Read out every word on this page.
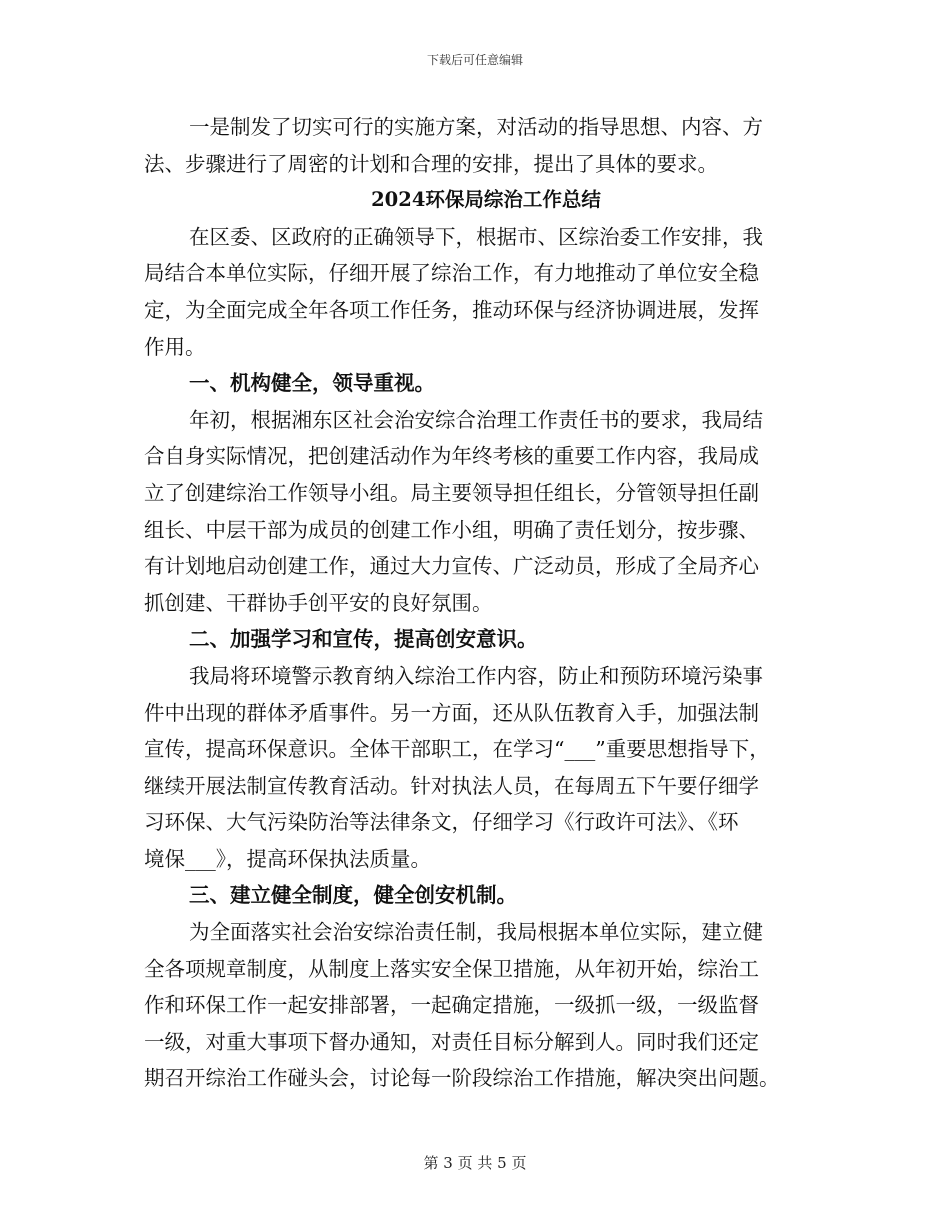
下载后可任意编辑
一是制发了切实可行的实施方案，对活动的指导思想、内容、方
法、步骤进行了周密的计划和合理的安排，提出了具体的要求。
2024环保局综治工作总结
在区委、区政府的正确领导下，根据市、区综治委工作安排，我
局结合本单位实际，仔细开展了综治工作，有力地推动了单位安全稳
定，为全面完成全年各项工作任务，推动环保与经济协调进展，发挥
作用。
一、机构健全，领导重视。
年初，根据湘东区社会治安综合治理工作责任书的要求，我局结
合自身实际情况，把创建活动作为年终考核的重要工作内容，我局成
立了创建综治工作领导小组。局主要领导担任组长，分管领导担任副
组长、中层干部为成员的创建工作小组，明确了责任划分，按步骤、
有计划地启动创建工作，通过大力宣传、广泛动员，形成了全局齐心
抓创建、干群协手创平安的良好氛围。
二、加强学习和宣传，提高创安意识。
我局将环境警示教育纳入综治工作内容，防止和预防环境污染事
件中出现的群体矛盾事件。另一方面，还从队伍教育入手，加强法制
宣传，提高环保意识。全体干部职工，在学习“___”重要思想指导下，
继续开展法制宣传教育活动。针对执法人员，在每周五下午要仔细学
习环保、大气污染防治等法律条文，仔细学习《行政许可法》、《环
境保___》，提高环保执法质量。
三、建立健全制度，健全创安机制。
为全面落实社会治安综治责任制，我局根据本单位实际，建立健
全各项规章制度，从制度上落实安全保卫措施，从年初开始，综治工
作和环保工作一起安排部署，一起确定措施，一级抓一级，一级监督
一级，对重大事项下督办通知，对责任目标分解到人。同时我们还定
期召开综治工作碰头会，讨论每一阶段综治工作措施，解决突出问题。
第 3 页 共 5 页
